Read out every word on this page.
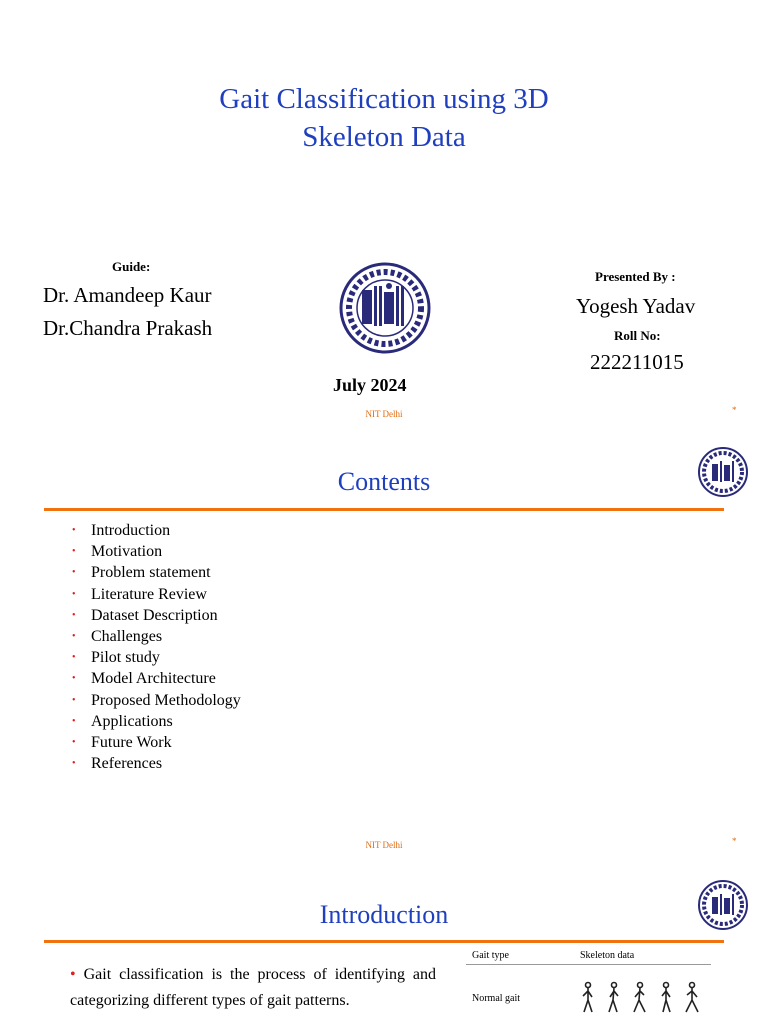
Gait Classification using 3D
Skeleton Data
Guide:
Dr. Amandeep Kaur
Dr.Chandra Prakash
Presented By :
Yogesh Yadav
Roll No:
222211015
July 2024
NIT Delhi	*
Contents
• Introduction
• Motivation
• Problem statement
• Literature Review
• Dataset Description
• Challenges
• Pilot study
• Model Architecture
• Proposed Methodology
• Applications
• Future Work
• References
NIT Delhi	*
Introduction
• Gait classification is the process of identifying and categorizing different types of gait patterns.
Gait type	Skeleton data
Normal gait
